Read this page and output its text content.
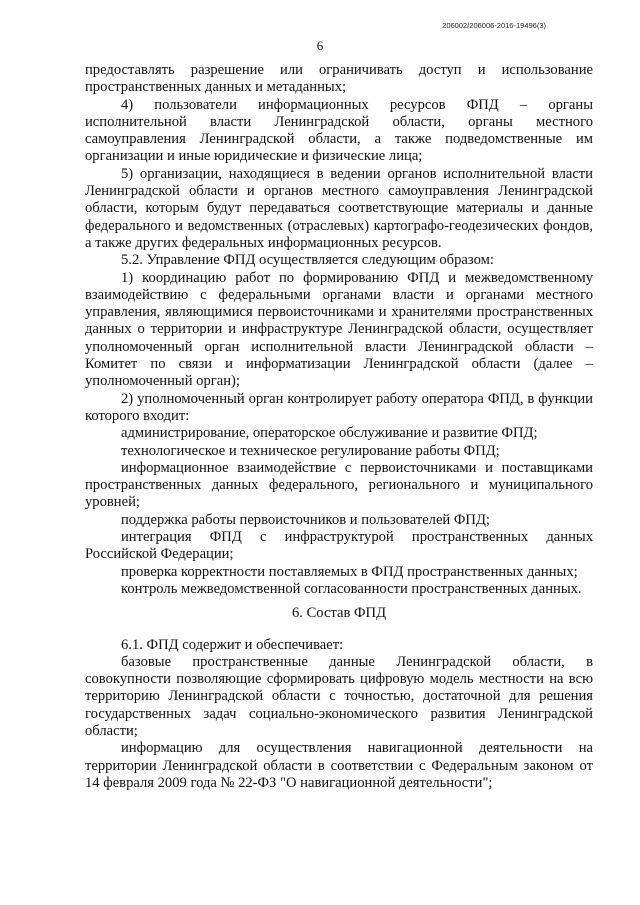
206002/206006-2016-19496(3)
6

предоставлять разрешение или ограничивать доступ и использование пространственных данных и метаданных;

4) пользователи информационных ресурсов ФПД – органы исполнительной власти Ленинградской области, органы местного самоуправления Ленинградской области, а также подведомственные им организации и иные юридические и физические лица;

5) организации, находящиеся в ведении органов исполнительной власти Ленинградской области и органов местного самоуправления Ленинградской области, которым будут передаваться соответствующие материалы и данные федерального и ведомственных (отраслевых) картографо-геодезических фондов, а также других федеральных информационных ресурсов.

5.2. Управление ФПД осуществляется следующим образом:

1) координацию работ по формированию ФПД и межведомственному взаимодействию с федеральными органами власти и органами местного управления, являющимися первоисточниками и хранителями пространственных данных о территории и инфраструктуре Ленинградской области, осуществляет уполномоченный орган исполнительной власти Ленинградской области – Комитет по связи и информатизации Ленинградской области (далее – уполномоченный орган);

2) уполномоченный орган контролирует работу оператора ФПД, в функции которого входит:

администрирование, операторское обслуживание и развитие ФПД;

технологическое и техническое регулирование работы ФПД;

информационное взаимодействие с первоисточниками и поставщиками пространственных данных федерального, регионального и муниципального уровней;

поддержка работы первоисточников и пользователей ФПД;

интеграция ФПД с инфраструктурой пространственных данных Российской Федерации;

проверка корректности поставляемых в ФПД пространственных данных;

контроль межведомственной согласованности пространственных данных.

6. Состав ФПД

6.1. ФПД содержит и обеспечивает:

базовые пространственные данные Ленинградской области, в совокупности позволяющие сформировать цифровую модель местности на всю территорию Ленинградской области с точностью, достаточной для решения государственных задач социально-экономического развития Ленинградской области;

информацию для осуществления навигационной деятельности на территории Ленинградской области в соответствии с Федеральным законом от 14 февраля 2009 года № 22-ФЗ "О навигационной деятельности";
